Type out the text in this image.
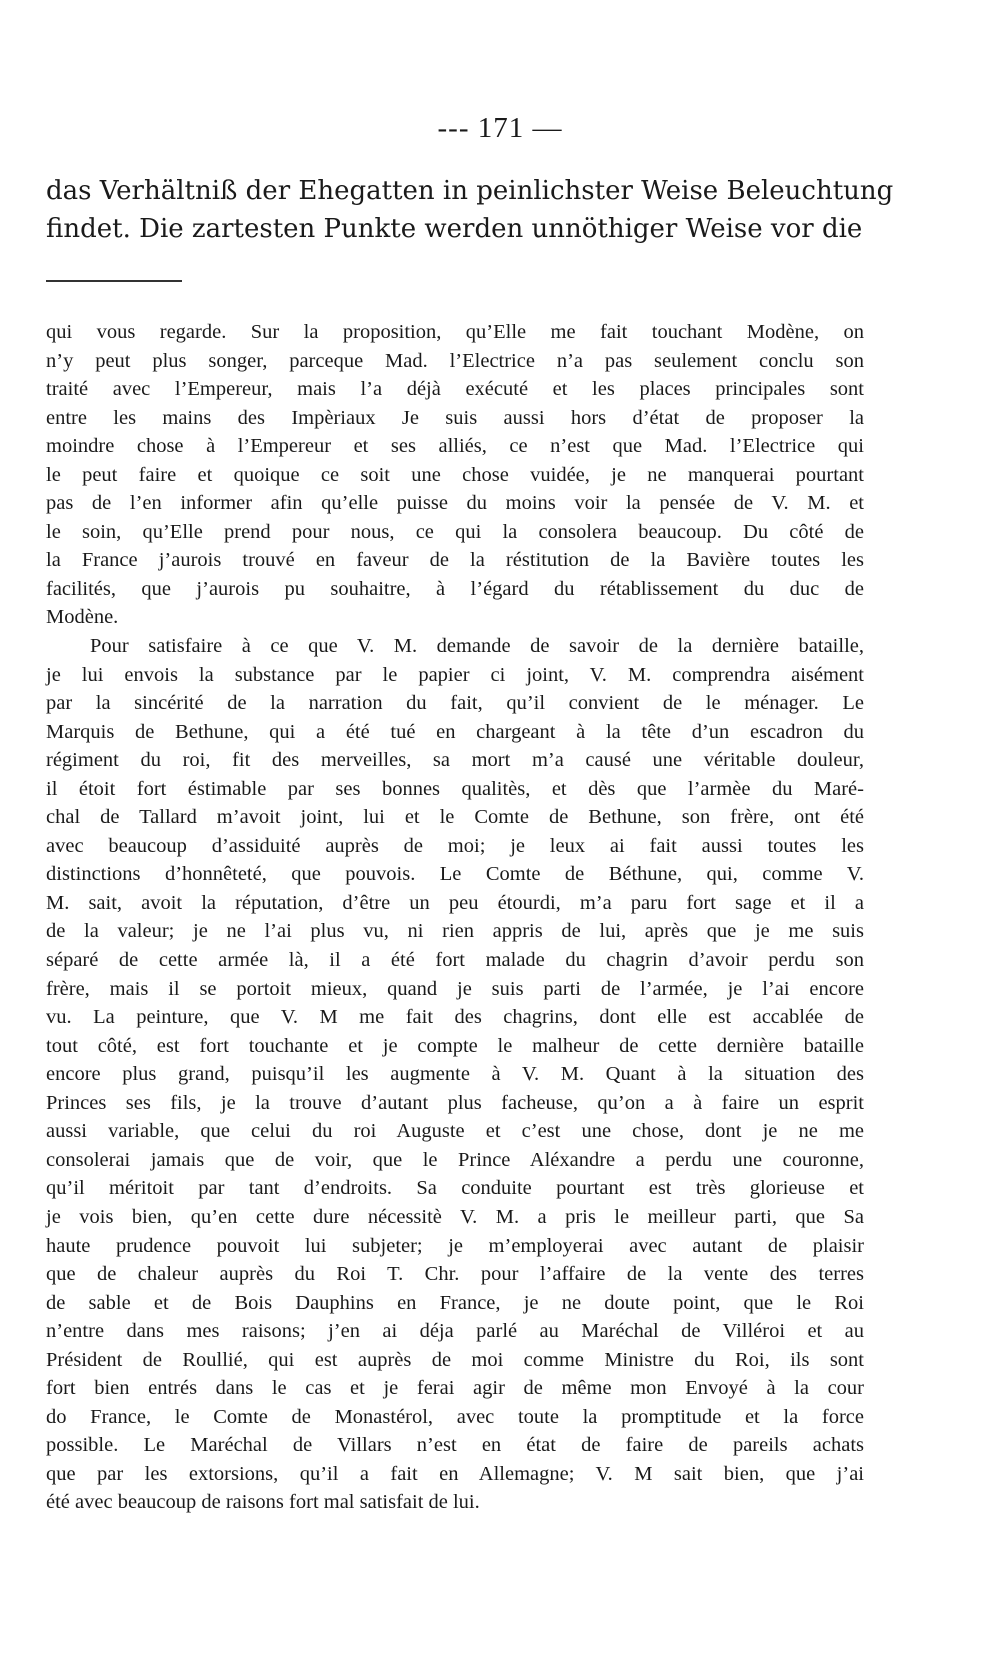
--- 171 —
das Verhältniß der Ehegatten in peinlichster Weise Beleuchtung
findet. Die zartesten Punkte werden unnöthiger Weise vor die
qui vous regarde. Sur la proposition, qu’Elle me fait touchant Modène, on
n’y peut plus songer, parceque Mad. l’Electrice n’a pas seulement conclu son
traité avec l’Empereur, mais l’a déjà exécuté et les places principales sont
entre les mains des Impèriaux Je suis aussi hors d’état de proposer la
moindre chose à l’Empereur et ses alliés, ce n’est que Mad. l’Electrice qui
le peut faire et quoique ce soit une chose vuidée, je ne manquerai pourtant
pas de l’en informer afin qu’elle puisse du moins voir la pensée de V. M. et
le soin, qu’Elle prend pour nous, ce qui la consolera beaucoup. Du côté de
la France j’aurois trouvé en faveur de la réstitution de la Bavière toutes les
facilités, que j’aurois pu souhaitre, à l’égard du rétablissement du duc de
Modène.
Pour satisfaire à ce que V. M. demande de savoir de la dernière bataille,
je lui envois la substance par le papier ci joint, V. M. comprendra aisément
par la sincérité de la narration du fait, qu’il convient de le ménager. Le
Marquis de Bethune, qui a été tué en chargeant à la tête d’un escadron du
régiment du roi, fit des merveilles, sa mort m’a causé une véritable douleur,
il étoit fort éstimable par ses bonnes qualitès, et dès que l’armèe du Maré-
chal de Tallard m’avoit joint, lui et le Comte de Bethune, son frère, ont été
avec beaucoup d’assiduité auprès de moi; je leux ai fait aussi toutes les
distinctions d’honnêteté, que pouvois. Le Comte de Béthune, qui, comme V.
M. sait, avoit la réputation, d’être un peu étourdi, m’a paru fort sage et il a
de la valeur; je ne l’ai plus vu, ni rien appris de lui, après que je me suis
séparé de cette armée là, il a été fort malade du chagrin d’avoir perdu son
frère, mais il se portoit mieux, quand je suis parti de l’armée, je l’ai encore
vu. La peinture, que V. M me fait des chagrins, dont elle est accablée de
tout côté, est fort touchante et je compte le malheur de cette dernière bataille
encore plus grand, puisqu’il les augmente à V. M. Quant à la situation des
Princes ses fils, je la trouve d’autant plus facheuse, qu’on a à faire un esprit
aussi variable, que celui du roi Auguste et c’est une chose, dont je ne me
consolerai jamais que de voir, que le Prince Aléxandre a perdu une couronne,
qu’il méritoit par tant d’endroits. Sa conduite pourtant est très glorieuse et
je vois bien, qu’en cette dure nécessitè V. M. a pris le meilleur parti, que Sa
haute prudence pouvoit lui subjeter; je m’employerai avec autant de plaisir
que de chaleur auprès du Roi T. Chr. pour l’affaire de la vente des terres
de sable et de Bois Dauphins en France, je ne doute point, que le Roi
n’entre dans mes raisons; j’en ai déja parlé au Maréchal de Villéroi et au
Président de Roullié, qui est auprès de moi comme Ministre du Roi, ils sont
fort bien entrés dans le cas et je ferai agir de même mon Envoyé à la cour
do France, le Comte de Monastérol, avec toute la promptitude et la force
possible. Le Maréchal de Villars n’est en état de faire de pareils achats
que par les extorsions, qu’il a fait en Allemagne; V. M sait bien, que j’ai
été avec beaucoup de raisons fort mal satisfait de lui.
